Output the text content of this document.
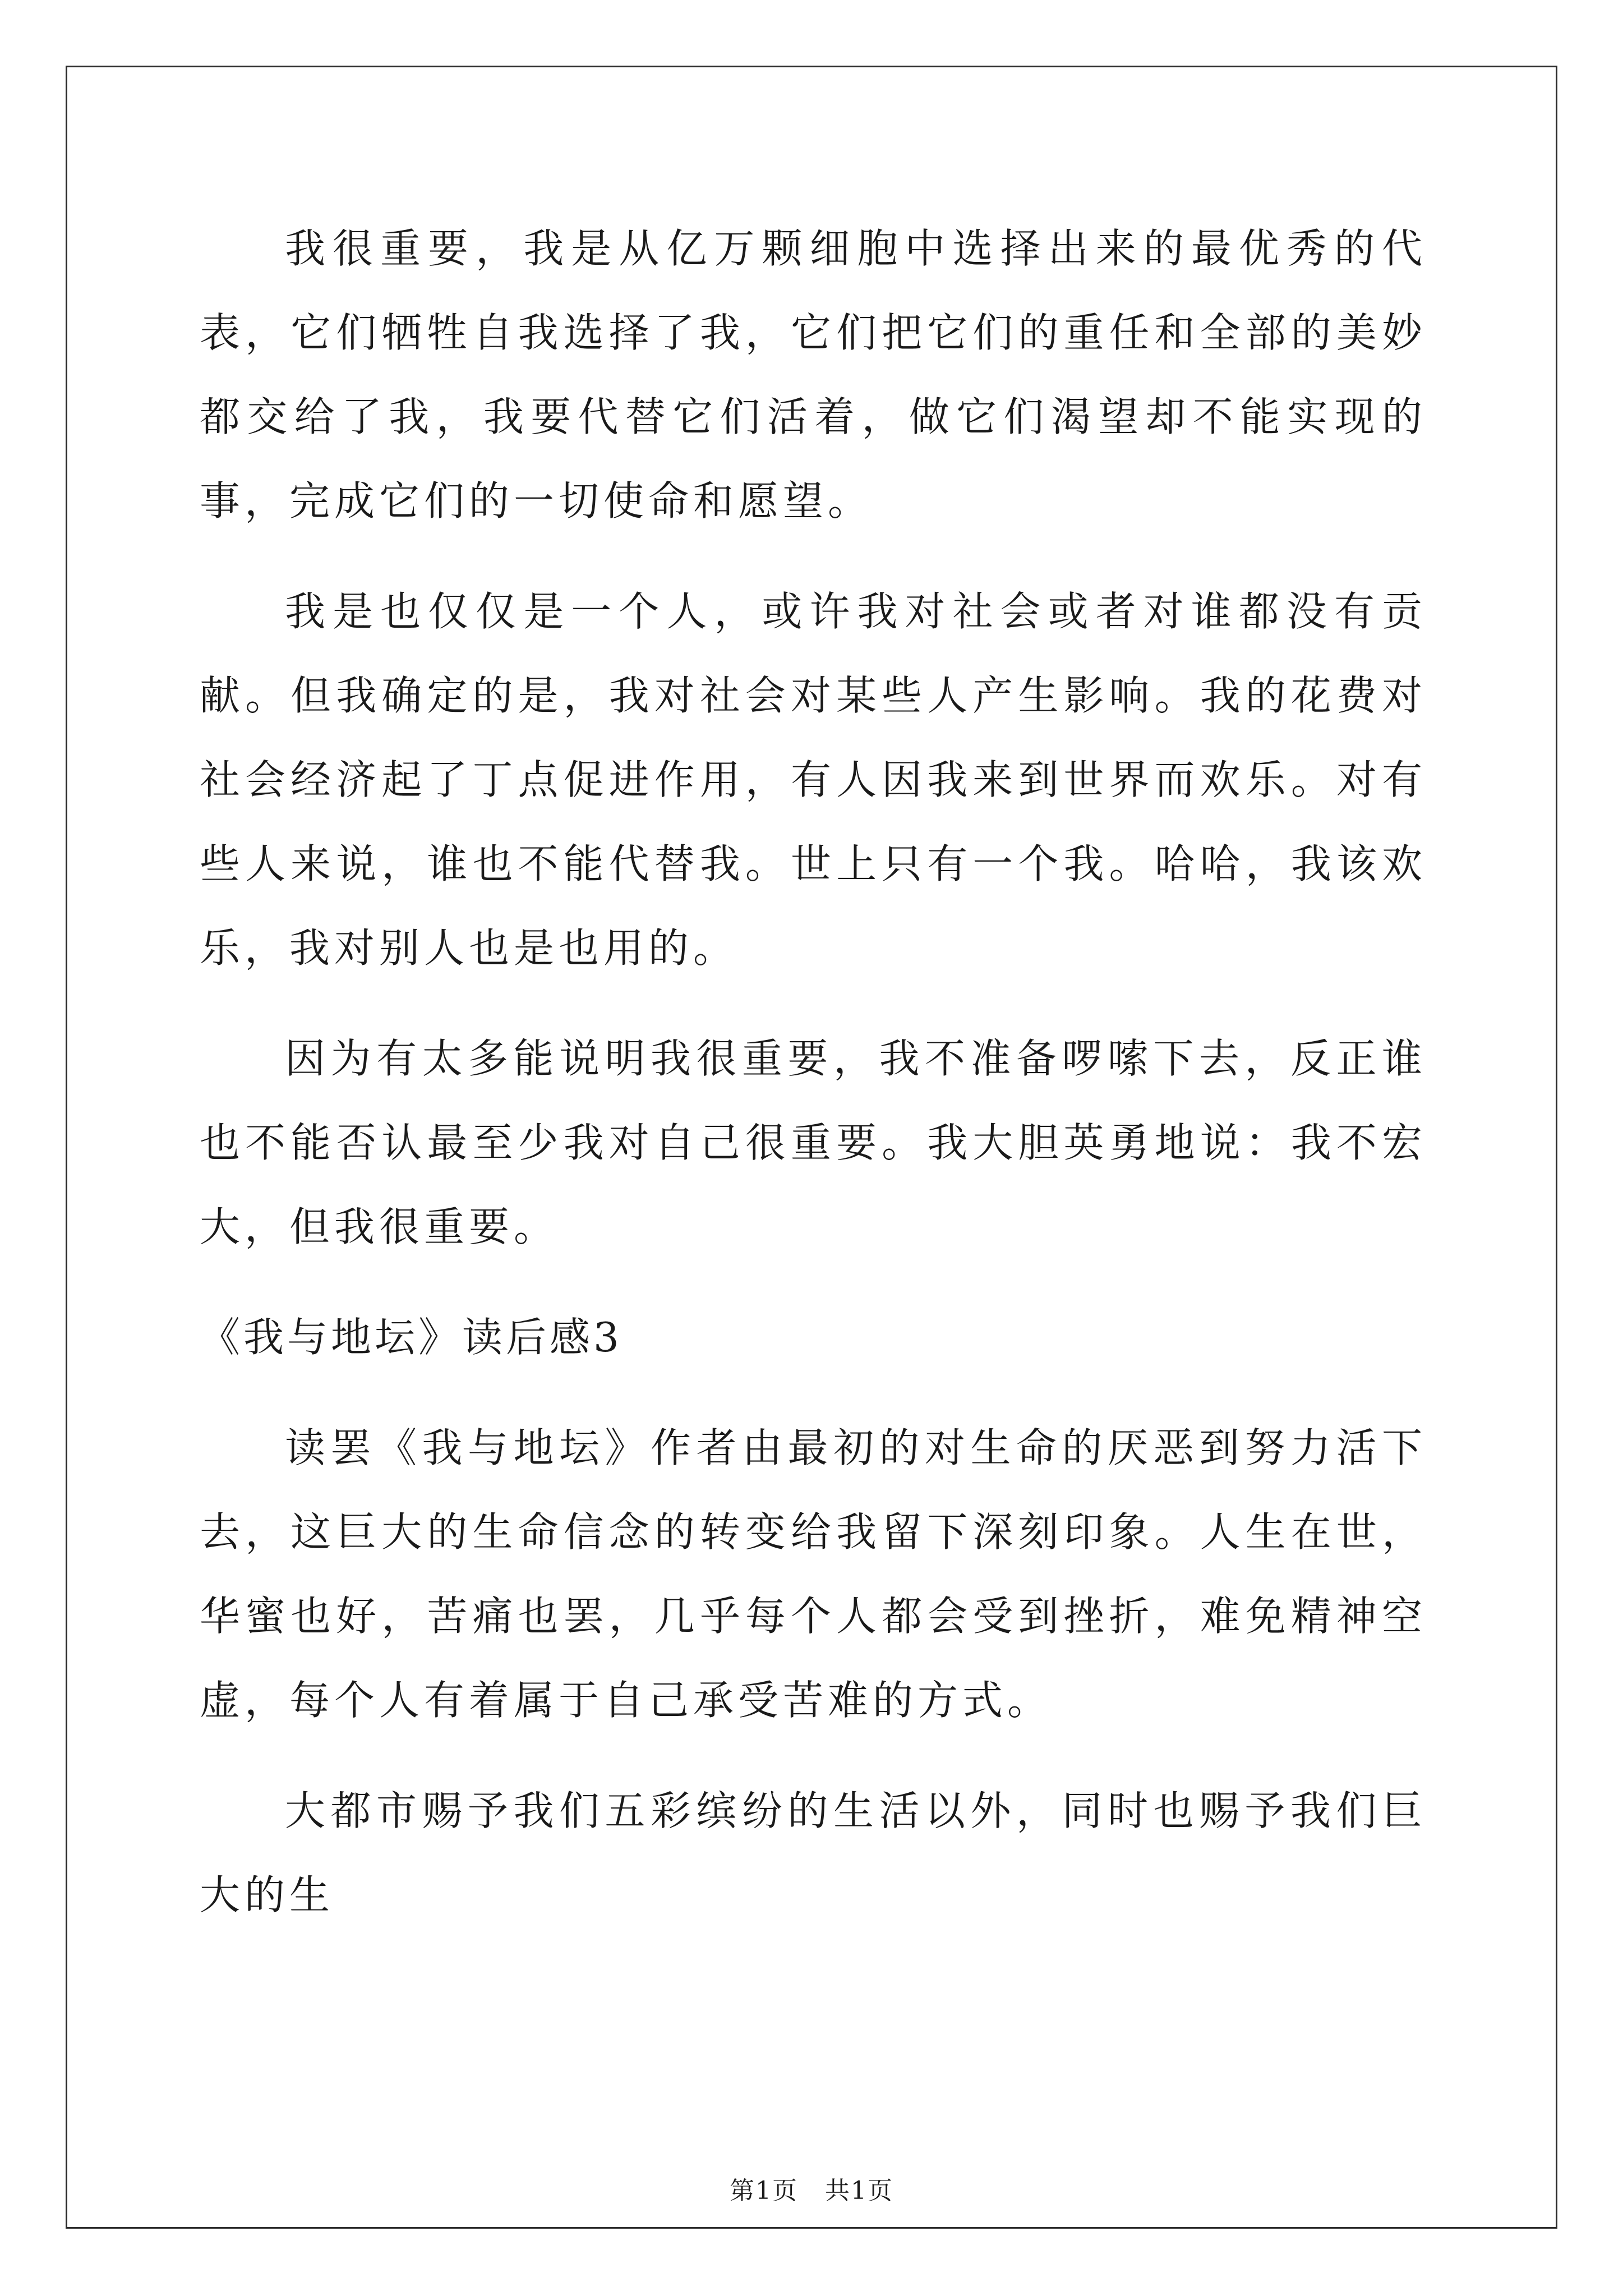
我很重要，我是从亿万颗细胞中选择出来的最优秀的代表，它们牺牲自我选择了我，它们把它们的重任和全部的美妙都交给了我，我要代替它们活着，做它们渴望却不能实现的事，完成它们的一切使命和愿望。

我是也仅仅是一个人，或许我对社会或者对谁都没有贡献。但我确定的是，我对社会对某些人产生影响。我的花费对社会经济起了丁点促进作用，有人因我来到世界而欢乐。对有些人来说，谁也不能代替我。世上只有一个我。哈哈，我该欢乐，我对别人也是也用的。

因为有太多能说明我很重要，我不准备啰嗦下去，反正谁也不能否认最至少我对自己很重要。我大胆英勇地说：我不宏大，但我很重要。

《我与地坛》读后感3

读罢《我与地坛》作者由最初的对生命的厌恶到努力活下去，这巨大的生命信念的转变给我留下深刻印象。人生在世，华蜜也好，苦痛也罢，几乎每个人都会受到挫折，难免精神空虚，每个人有着属于自己承受苦难的方式。

大都市赐予我们五彩缤纷的生活以外，同时也赐予我们巨大的生

第1页 共1页
